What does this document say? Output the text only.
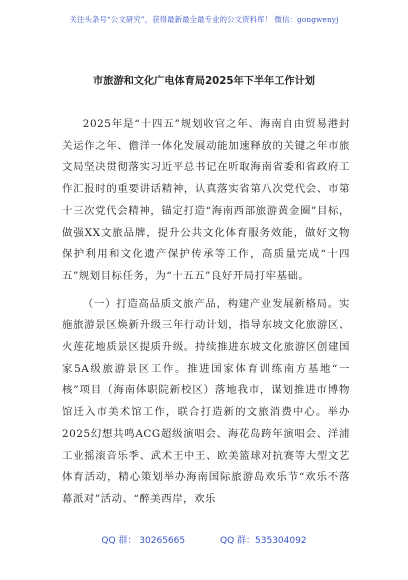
关注头条号“公文研究”，获得最新最全最专业的公文资料库！ 微信：gongwenyj
市旅游和文化广电体育局2025年下半年工作计划

2025年是“十四五”规划收官之年、海南自由贸易港封关运作之年、儋洋一体化发展动能加速释放的关键之年市旅文局坚决贯彻落实习近平总书记在听取海南省委和省政府工作汇报时的重要讲话精神，认真落实省第八次党代会、市第十三次党代会精神，锚定打造“海南西部旅游黄金圈”目标，做强XX文旅品牌，提升公共文化体育服务效能，做好文物保护利用和文化遗产保护传承等工作，高质量完成“十四五”规划目标任务，为“十五五”良好开局打牢基础。

（一）打造高品质文旅产品，构建产业发展新格局。实施旅游景区焕新升级三年行动计划，指导东坡文化旅游区、火莲花地质景区提质升级。持续推进东坡文化旅游区创建国家5A级旅游景区工作。推进国家体育训练南方基地“一核”项目（海南体职院新校区）落地我市，谋划推进市博物馆迁入市美术馆工作，联合打造新的文旅消费中心。举办2025幻想共鸣ACG超级演唱会、海花岛跨年演唱会、洋浦工业摇滚音乐季、武术王中王、欧美篮球对抗赛等大型文艺体育活动，精心策划举办海南国际旅游岛欢乐节“欢乐不落幕派对”活动、“醉美西岸，欢乐

QQ 群： 30265665	QQ 群：535304092
